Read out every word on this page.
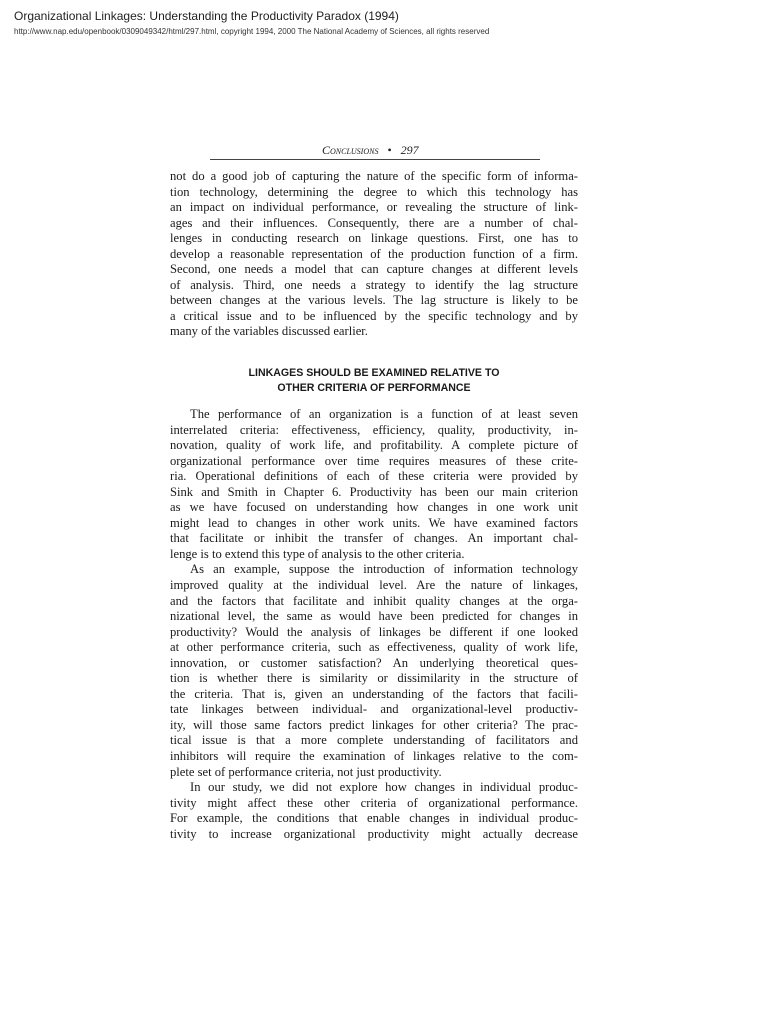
Organizational Linkages: Understanding the Productivity Paradox (1994)
http://www.nap.edu/openbook/0309049342/html/297.html, copyright 1994, 2000 The National Academy of Sciences, all rights reserved
Conclusions • 297
not do a good job of capturing the nature of the specific form of informa-
tion technology, determining the degree to which this technology has
an impact on individual performance, or revealing the structure of link-
ages and their influences. Consequently, there are a number of chal-
lenges in conducting research on linkage questions. First, one has to
develop a reasonable representation of the production function of a firm.
Second, one needs a model that can capture changes at different levels
of analysis. Third, one needs a strategy to identify the lag structure
between changes at the various levels. The lag structure is likely to be
a critical issue and to be influenced by the specific technology and by
many of the variables discussed earlier.
LINKAGES SHOULD BE EXAMINED RELATIVE TO
OTHER CRITERIA OF PERFORMANCE
The performance of an organization is a function of at least seven
interrelated criteria: effectiveness, efficiency, quality, productivity, in-
novation, quality of work life, and profitability. A complete picture of
organizational performance over time requires measures of these crite-
ria. Operational definitions of each of these criteria were provided by
Sink and Smith in Chapter 6. Productivity has been our main criterion
as we have focused on understanding how changes in one work unit
might lead to changes in other work units. We have examined factors
that facilitate or inhibit the transfer of changes. An important chal-
lenge is to extend this type of analysis to the other criteria.
As an example, suppose the introduction of information technology
improved quality at the individual level. Are the nature of linkages,
and the factors that facilitate and inhibit quality changes at the orga-
nizational level, the same as would have been predicted for changes in
productivity? Would the analysis of linkages be different if one looked
at other performance criteria, such as effectiveness, quality of work life,
innovation, or customer satisfaction? An underlying theoretical ques-
tion is whether there is similarity or dissimilarity in the structure of
the criteria. That is, given an understanding of the factors that facili-
tate linkages between individual- and organizational-level productiv-
ity, will those same factors predict linkages for other criteria? The prac-
tical issue is that a more complete understanding of facilitators and
inhibitors will require the examination of linkages relative to the com-
plete set of performance criteria, not just productivity.
In our study, we did not explore how changes in individual produc-
tivity might affect these other criteria of organizational performance.
For example, the conditions that enable changes in individual produc-
tivity to increase organizational productivity might actually decrease
